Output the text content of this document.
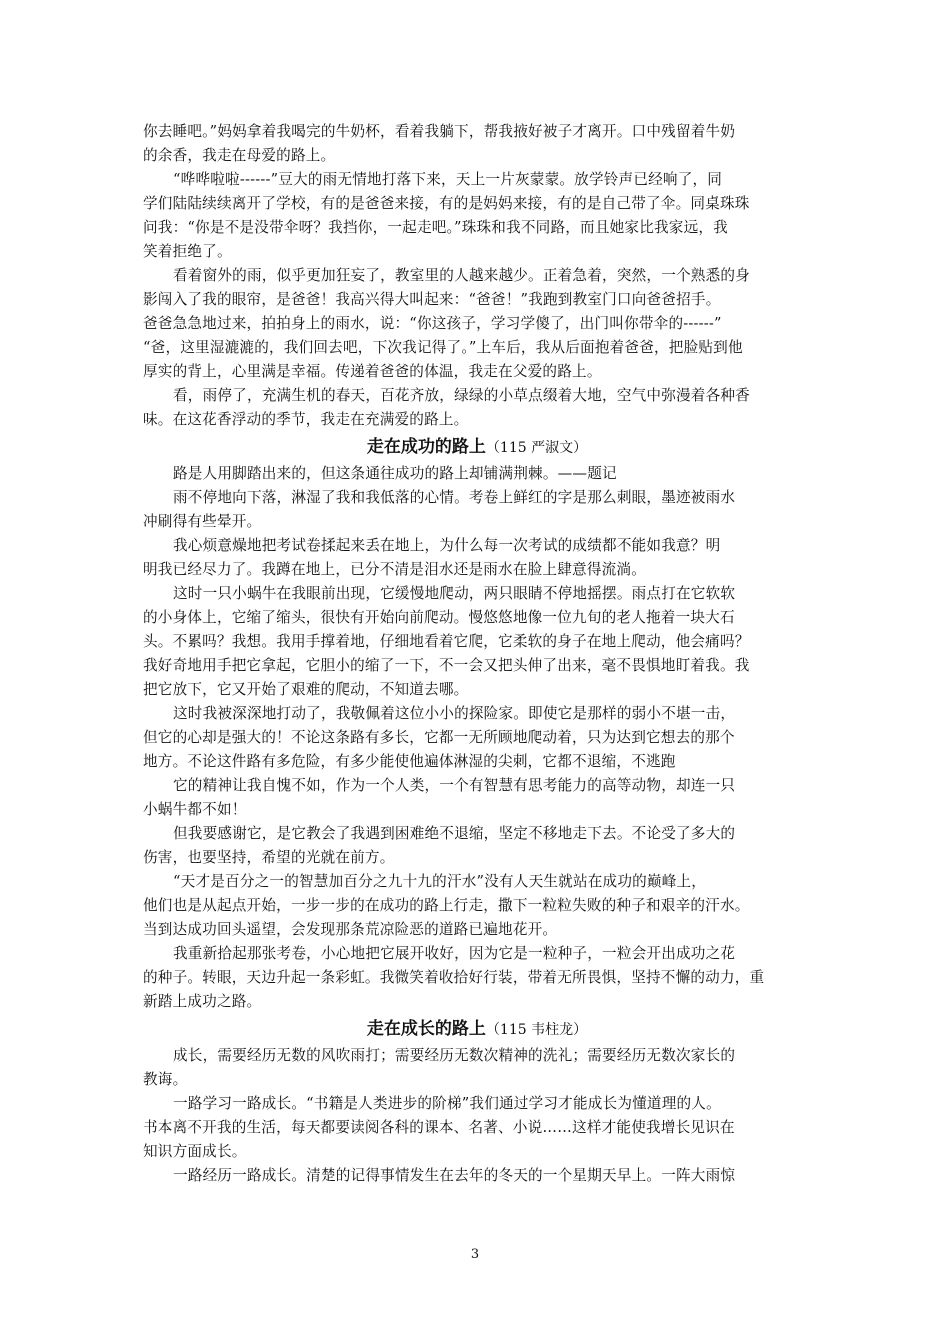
你去睡吧。”妈妈拿着我喝完的牛奶杯，看着我躺下，帮我掖好被子才离开。口中残留着牛奶
的余香，我走在母爱的路上。
“哗哗啦啦------”豆大的雨无情地打落下来，天上一片灰蒙蒙。放学铃声已经响了，同
学们陆陆续续离开了学校，有的是爸爸来接，有的是妈妈来接，有的是自己带了伞。同桌珠珠
问我：“你是不是没带伞呀？我挡你，一起走吧。”珠珠和我不同路，而且她家比我家远，我
笑着拒绝了。
看着窗外的雨，似乎更加狂妄了，教室里的人越来越少。正着急着，突然，一个熟悉的身
影闯入了我的眼帘，是爸爸！我高兴得大叫起来：“爸爸！”我跑到教室门口向爸爸招手。
爸爸急急地过来，拍拍身上的雨水，说：“你这孩子，学习学傻了，出门叫你带伞的------”
“爸，这里湿漉漉的，我们回去吧，下次我记得了。”上车后，我从后面抱着爸爸，把脸贴到他
厚实的背上，心里满是幸福。传递着爸爸的体温，我走在父爱的路上。
看，雨停了，充满生机的春天，百花齐放，绿绿的小草点缀着大地，空气中弥漫着各种香
味。在这花香浮动的季节，我走在充满爱的路上。
走在成功的路上（115 严淑文）
路是人用脚踏出来的，但这条通往成功的路上却铺满荆棘。——题记
雨不停地向下落，淋湿了我和我低落的心情。考卷上鲜红的字是那么刺眼，墨迹被雨水
冲刷得有些晕开。
我心烦意燥地把考试卷揉起来丢在地上，为什么每一次考试的成绩都不能如我意？明
明我已经尽力了。我蹲在地上，已分不清是泪水还是雨水在脸上肆意得流淌。
这时一只小蜗牛在我眼前出现，它缓慢地爬动，两只眼睛不停地摇摆。雨点打在它软软
的小身体上，它缩了缩头，很快有开始向前爬动。慢悠悠地像一位九旬的老人拖着一块大石
头。不累吗？我想。我用手撑着地，仔细地看着它爬，它柔软的身子在地上爬动，他会痛吗？
我好奇地用手把它拿起，它胆小的缩了一下，不一会又把头伸了出来，毫不畏惧地盯着我。我
把它放下，它又开始了艰难的爬动，不知道去哪。
这时我被深深地打动了，我敬佩着这位小小的探险家。即使它是那样的弱小不堪一击，
但它的心却是强大的！不论这条路有多长，它都一无所顾地爬动着，只为达到它想去的那个
地方。不论这件路有多危险，有多少能使他遍体淋湿的尖刺，它都不退缩，不逃跑
它的精神让我自愧不如，作为一个人类，一个有智慧有思考能力的高等动物，却连一只
小蜗牛都不如！
但我要感谢它，是它教会了我遇到困难绝不退缩，坚定不移地走下去。不论受了多大的
伤害，也要坚持，希望的光就在前方。
“天才是百分之一的智慧加百分之九十九的汗水”没有人天生就站在成功的巅峰上，
他们也是从起点开始，一步一步的在成功的路上行走，撒下一粒粒失败的种子和艰辛的汗水。
当到达成功回头遥望，会发现那条荒凉险恶的道路已遍地花开。
我重新拾起那张考卷，小心地把它展开收好，因为它是一粒种子，一粒会开出成功之花
的种子。转眼，天边升起一条彩虹。我微笑着收拾好行装，带着无所畏惧，坚持不懈的动力，重
新踏上成功之路。
走在成长的路上（115 韦柱龙）
成长，需要经历无数的风吹雨打；需要经历无数次精神的洗礼；需要经历无数次家长的
教诲。
一路学习一路成长。“书籍是人类进步的阶梯”我们通过学习才能成长为懂道理的人。
书本离不开我的生活，每天都要读阅各科的课本、名著、小说……这样才能使我增长见识在
知识方面成长。
一路经历一路成长。清楚的记得事情发生在去年的冬天的一个星期天早上。一阵大雨惊
3
